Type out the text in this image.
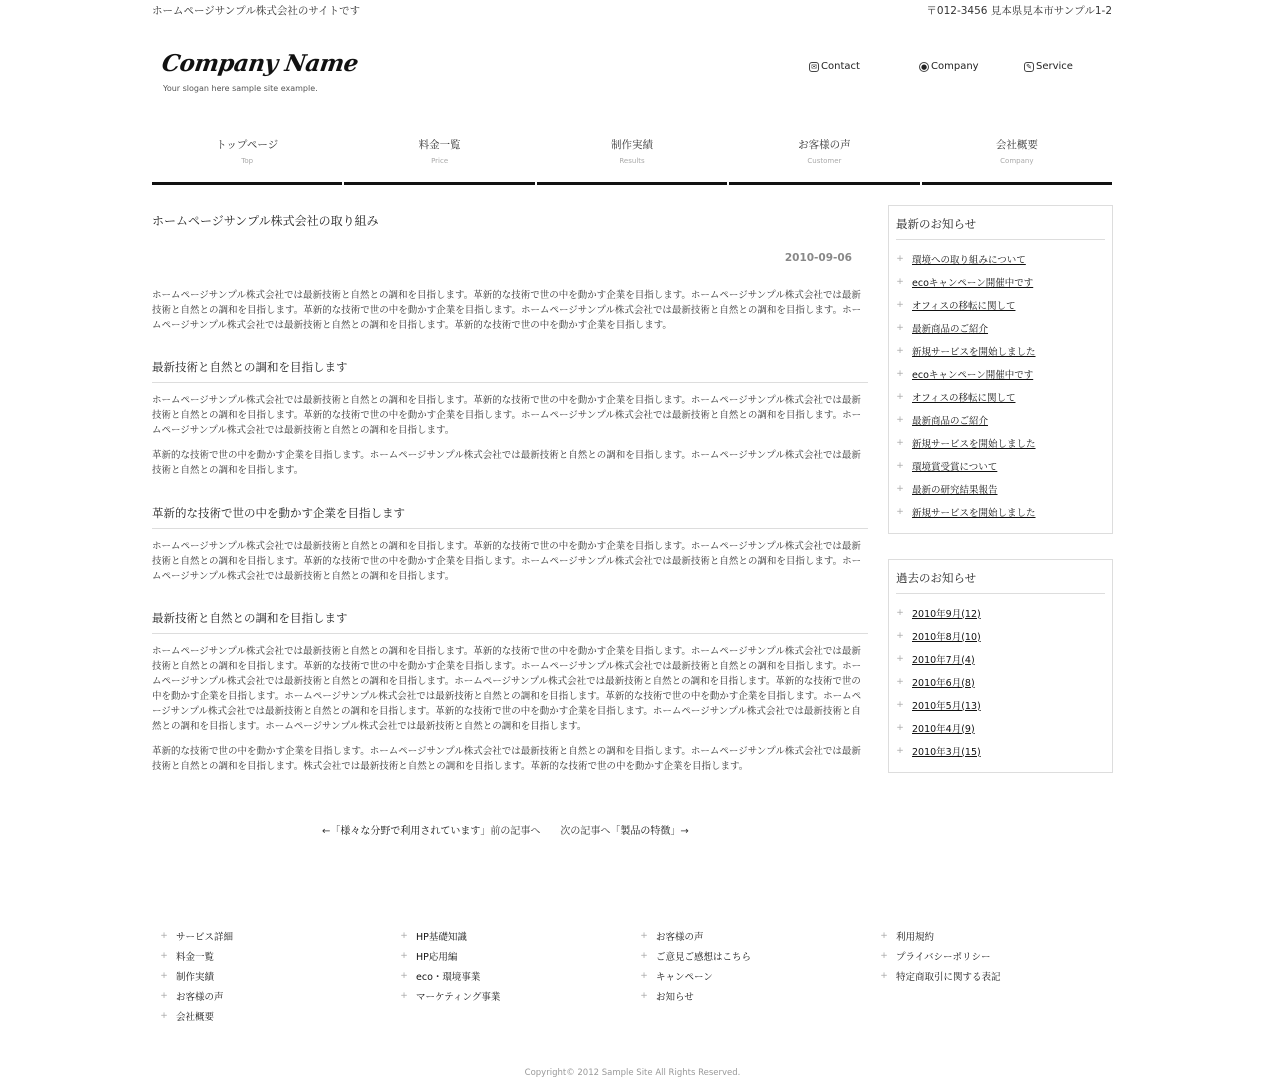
ホームページサンプル株式会社のサイトです	〒012-3456 見本県見本市サンプル1-2
Company Name
Your slogan here sample site example.
✉ Contact	● Company	✎ Service
トップページ
Top
料金一覧
Price
制作実績
Results
お客様の声
Customer
会社概要
Company
ホームページサンプル株式会社の取り組み
2010-09-06

ホームページサンプル株式会社では最新技術と自然との調和を目指します。革新的な技術で世の中を動かす企業を目指します。ホームページサンプル株式会社では最新技術と自然との調和を目指します。革新的な技術で世の中を動かす企業を目指します。ホームページサンプル株式会社では最新技術と自然との調和を目指します。ホームページサンプル株式会社では最新技術と自然との調和を目指します。革新的な技術で世の中を動かす企業を目指します。

最新技術と自然との調和を目指します

ホームページサンプル株式会社では最新技術と自然との調和を目指します。革新的な技術で世の中を動かす企業を目指します。ホームページサンプル株式会社では最新技術と自然との調和を目指します。革新的な技術で世の中を動かす企業を目指します。ホームページサンプル株式会社では最新技術と自然との調和を目指します。ホームページサンプル株式会社では最新技術と自然との調和を目指します。

革新的な技術で世の中を動かす企業を目指します。ホームページサンプル株式会社では最新技術と自然との調和を目指します。ホームページサンプル株式会社では最新技術と自然との調和を目指します。

革新的な技術で世の中を動かす企業を目指します

ホームページサンプル株式会社では最新技術と自然との調和を目指します。革新的な技術で世の中を動かす企業を目指します。ホームページサンプル株式会社では最新技術と自然との調和を目指します。革新的な技術で世の中を動かす企業を目指します。ホームページサンプル株式会社では最新技術と自然との調和を目指します。ホームページサンプル株式会社では最新技術と自然との調和を目指します。

最新技術と自然との調和を目指します

ホームページサンプル株式会社では最新技術と自然との調和を目指します。革新的な技術で世の中を動かす企業を目指します。ホームページサンプル株式会社では最新技術と自然との調和を目指します。革新的な技術で世の中を動かす企業を目指します。ホームページサンプル株式会社では最新技術と自然との調和を目指します。ホームページサンプル株式会社では最新技術と自然との調和を目指します。ホームページサンプル株式会社では最新技術と自然との調和を目指します。革新的な技術で世の中を動かす企業を目指します。ホームページサンプル株式会社では最新技術と自然との調和を目指します。革新的な技術で世の中を動かす企業を目指します。ホームページサンプル株式会社では最新技術と自然との調和を目指します。革新的な技術で世の中を動かす企業を目指します。ホームページサンプル株式会社では最新技術と自然との調和を目指します。ホームページサンプル株式会社では最新技術と自然との調和を目指します。

革新的な技術で世の中を動かす企業を目指します。ホームページサンプル株式会社では最新技術と自然との調和を目指します。ホームページサンプル株式会社では最新技術と自然との調和を目指します。株式会社では最新技術と自然との調和を目指します。革新的な技術で世の中を動かす企業を目指します。

←「様々な分野で利用されています」前の記事へ 次の記事へ「製品の特徴」→
最新のお知らせ
+ 環境への取り組みについて
+ ecoキャンペーン開催中です
+ オフィスの移転に関して
+ 最新商品のご紹介
+ 新規サービスを開始しました
+ ecoキャンペーン開催中です
+ オフィスの移転に関して
+ 最新商品のご紹介
+ 新規サービスを開始しました
+ 環境賞受賞について
+ 最新の研究結果報告
+ 新規サービスを開始しました
過去のお知らせ
+ 2010年9月(12)
+ 2010年8月(10)
+ 2010年7月(4)
+ 2010年6月(8)
+ 2010年5月(13)
+ 2010年4月(9)
+ 2010年3月(15)
+ サービス詳細
+ 料金一覧
+ 制作実績
+ お客様の声
+ 会社概要
+ HP基礎知識
+ HP応用編
+ eco・環境事業
+ マーケティング事業
+ お客様の声
+ ご意見ご感想はこちら
+ キャンペーン
+ お知らせ
+ 利用規約
+ プライバシーポリシー
+ 特定商取引に関する表記
Copyright© 2012 Sample Site All Rights Reserved.
